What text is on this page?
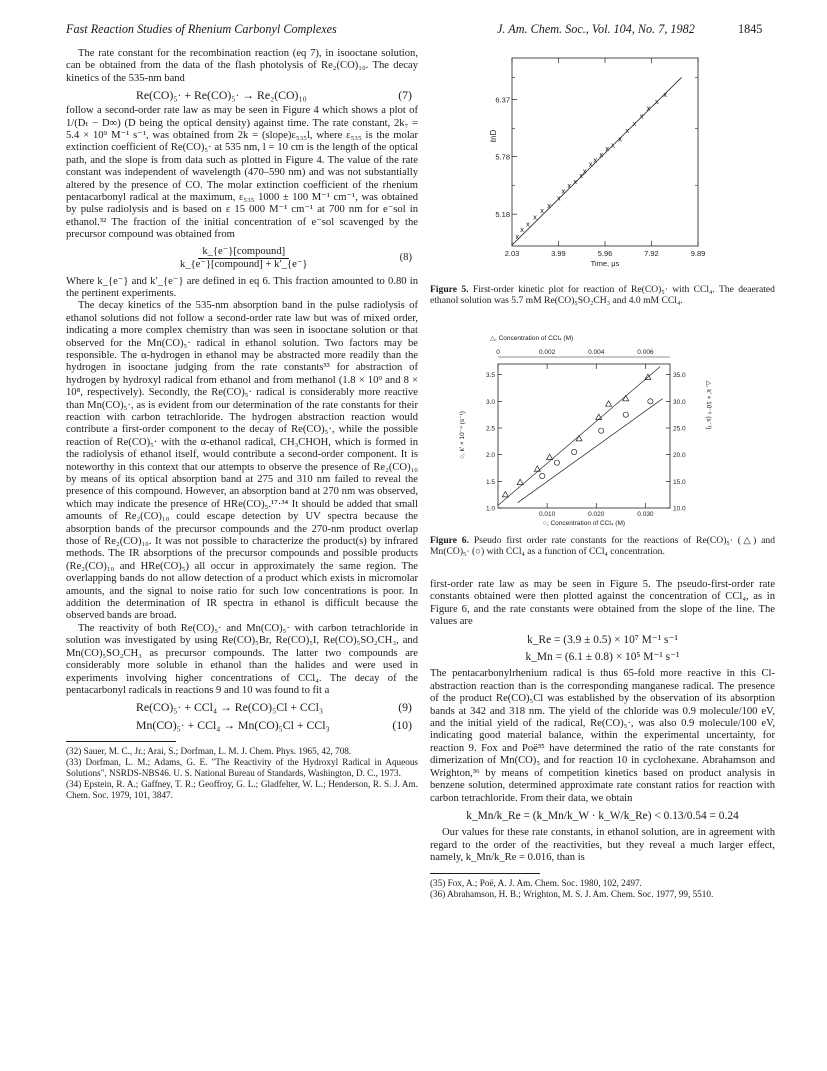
Fast Reaction Studies of Rhenium Carbonyl Complexes	J. Am. Chem. Soc., Vol. 104, No. 7, 1982	1845

The rate constant for the recombination reaction (eq 7), in isooctane solution, can be obtained from the data of the flash photolysis of Re₂(CO)₁₀. The decay kinetics of the 535-nm band

Re(CO)₅· + Re(CO)₅· → Re₂(CO)₁₀	(7)

follow a second-order rate law as may be seen in Figure 4 which shows a plot of 1/(Dₜ − D∞) (D being the optical density) against time. The rate constant, 2k₇ = 5.4 × 10⁹ M⁻¹ s⁻¹, was obtained from 2k = (slope)ε₅₃₅l, where ε₅₃₅ is the molar extinction coefficient of Re(CO)₅· at 535 nm, l = 10 cm is the length of the optical path, and the slope is from data such as plotted in Figure 4. The value of the rate constant was independent of wavelength (470–590 nm) and was not substantially altered by the presence of CO. The molar extinction coefficient of the rhenium pentacarbonyl radical at the maximum, ε₅₃₅ 1000 ± 100 M⁻¹ cm⁻¹, was obtained by pulse radiolysis and is based on ε 15 000 M⁻¹ cm⁻¹ at 700 nm for e⁻sol in ethanol.³² The fraction of the initial concentration of e⁻sol scavenged by the precursor compound was obtained from

$\frac{\text{k\_\{e⁻\}[compound]}}{\text{k\_\{e⁻\}[compound] + k′\_\{e⁻\}}}$	(8)

Where k_{e⁻} and k′_{e⁻} are defined in eq 6. This fraction amounted to 0.80 in the pertinent experiments.

The decay kinetics of the 535-nm absorption band in the pulse radiolysis of ethanol solutions did not follow a second-order rate law but was of mixed order, indicating a more complex chemistry than was seen in isooctane solution or that observed for the Mn(CO)₅· radical in ethanol solution. Two factors may be responsible. The α-hydrogen in ethanol may be abstracted more readily than the hydrogen in isooctane judging from the rate constants³³ for abstraction of hydrogen by hydroxyl radical from ethanol and from methanol (1.8 × 10⁹ and 8 × 10⁸, respectively). Secondly, the Re(CO)₅· radical is considerably more reactive than Mn(CO)₅·, as is evident from our determination of the rate constants for their reaction with carbon tetrachloride. The hydrogen abstraction reaction would contribute a first-order component to the decay of Re(CO)₅·, while the possible reaction of Re(CO)₅· with the α-ethanol radical, CH₃CHOH, which is formed in the radiolysis of ethanol itself, would contribute a second-order component. It is noteworthy in this context that our attempts to observe the presence of Re₂(CO)₁₀ by means of its optical absorption band at 275 and 310 nm failed to reveal the presence of this compound. However, an absorption band at 270 nm was observed, which may indicate the presence of HRe(CO)₅.¹⁷·³⁴ It should be added that small amounts of Re₂(CO)₁₀ could escape detection by UV spectra because the absorption bands of the precursor compounds and the 270-nm product overlap those of Re₂(CO)₁₀. It was not possible to characterize the product(s) by infrared methods. The IR absorptions of the precursor compounds and possible products (Re₂(CO)₁₀ and HRe(CO)₅) all occur in approximately the same region. The overlapping bands do not allow detection of a product which exists in micromolar amounts, and the signal to noise ratio for such low concentrations is poor. In addition the determination of IR spectra in ethanol is difficult because the observed bands are broad.

The reactivity of both Re(CO)₅· and Mn(CO)₅· with carbon tetrachloride in solution was investigated by using Re(CO)₅Br, Re(CO)₅I, Re(CO)₅SO₂CH₃, and Mn(CO)₅SO₂CH₃ as precursor compounds. The latter two compounds are considerably more soluble in ethanol than the halides and were used in experiments involving higher concentrations of CCl₄. The decay of the pentacarbonyl radicals in reactions 9 and 10 was found to fit a

Re(CO)₅· + CCl₄ → Re(CO)₅Cl + CCl₃	(9)
Mn(CO)₅· + CCl₄ → Mn(CO)₅Cl + CCl₃	(10)

(32) Sauer, M. C., Jr.; Arai, S.; Dorfman, L. M. J. Chem. Phys. 1965, 42, 708.

(33) Dorfman, L. M.; Adams, G. E. "The Reactivity of the Hydroxyl Radical in Aqueous Solutions", NSRDS-NBS46. U. S. National Bureau of Standards, Washington, D. C., 1973.

(34) Epstein, R. A.; Gaffney, T. R.; Geoffroy, G. L.; Gladfelter, W. L.; Henderson, R. S. J. Am. Chem. Soc. 1979, 101, 3847.

2.03	3.99	5.96	7.92	9.89
5.18
5.78
6.37
x
x
x
x
x
x
x
x
x x
x
x
x x
x
x x
x
x
x
x
x
x
x
ℓnD
Time, μs
Figure 5. First-order kinetic plot for reaction of Re(CO)₅· with CCl₄. The deaerated ethanol solution was 5.7 mM Re(CO)₅SO₂CH₃ and 4.0 mM CCl₄.
△, Concentration of CCl₄ (M)
○, Concentration of CCl₄ (M)
○, k′ × 10⁻⁴ (s⁻¹)
△, k′ × 10⁻⁶ (s⁻¹)
0	0.002	0.004	0.006
0.010	0.020	0.030
1.0
1.5
2.0
2.5
3.0
3.5
10.0
15.0
20.0
25.0
30.0
35.0
Figure 6. Pseudo first order rate constants for the reactions of Re(CO)₅· (△) and Mn(CO)₅· (○) with CCl₄ as a function of CCl₄ concentration.

first-order rate law as may be seen in Figure 5. The pseudo-first-order rate constants obtained were then plotted against the concentration of CCl₄, as in Figure 6, and the rate constants were obtained from the slope of the line. The values are

k_Re = (3.9 ± 0.5) × 10⁷ M⁻¹ s⁻¹
k_Mn = (6.1 ± 0.8) × 10⁵ M⁻¹ s⁻¹

The pentacarbonylrhenium radical is thus 65-fold more reactive in this Cl-abstraction reaction than is the corresponding manganese radical. The presence of the product Re(CO)₅Cl was established by the observation of its absorption bands at 342 and 318 nm. The yield of the chloride was 0.9 molecule/100 eV, and the initial yield of the radical, Re(CO)₅·, was also 0.9 molecule/100 eV, indicating good material balance, within the experimental uncertainty, for reaction 9. Fox and Poë³⁵ have determined the ratio of the rate constants for dimerization of Mn(CO)₅ and for reaction 10 in cyclohexane. Abrahamson and Wrighton,³⁶ by means of competition kinetics based on product analysis in benzene solution, determined approximate rate constant ratios for reaction with carbon tetrachloride. From their data, we obtain

k_Mn/k_Re = (k_Mn/k_W · k_W/k_Re) < 0.13/0.54 = 0.24

Our values for these rate constants, in ethanol solution, are in agreement with regard to the order of the reactivities, but they reveal a much larger effect, namely, k_Mn/k_Re = 0.016, than is

(35) Fox, A.; Poë, A. J. Am. Chem. Soc. 1980, 102, 2497.

(36) Abrahamson, H. B.; Wrighton, M. S. J. Am. Chem. Soc. 1977, 99, 5510.
